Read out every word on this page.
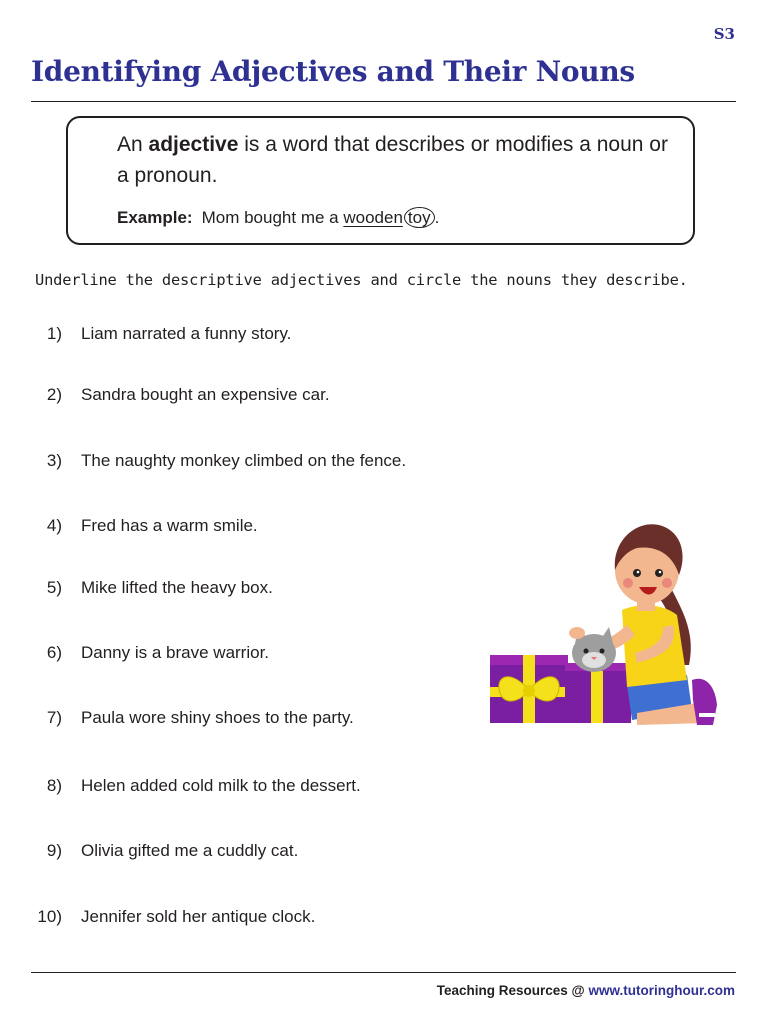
S3
Identifying Adjectives and Their Nouns
An adjective is a word that describes or modifies a noun or a pronoun.
Example: Mom bought me a wooden toy .

Underline the descriptive adjectives and circle the nouns they describe.

1) Liam narrated a funny story.
2) Sandra bought an expensive car.
3) The naughty monkey climbed on the fence.
4) Fred has a warm smile.
5) Mike lifted the heavy box.
6) Danny is a brave warrior.
7) Paula wore shiny shoes to the party.
8) Helen added cold milk to the dessert.
9) Olivia gifted me a cuddly cat.
10) Jennifer sold her antique clock.
Teaching Resources @ www.tutoringhour.com
